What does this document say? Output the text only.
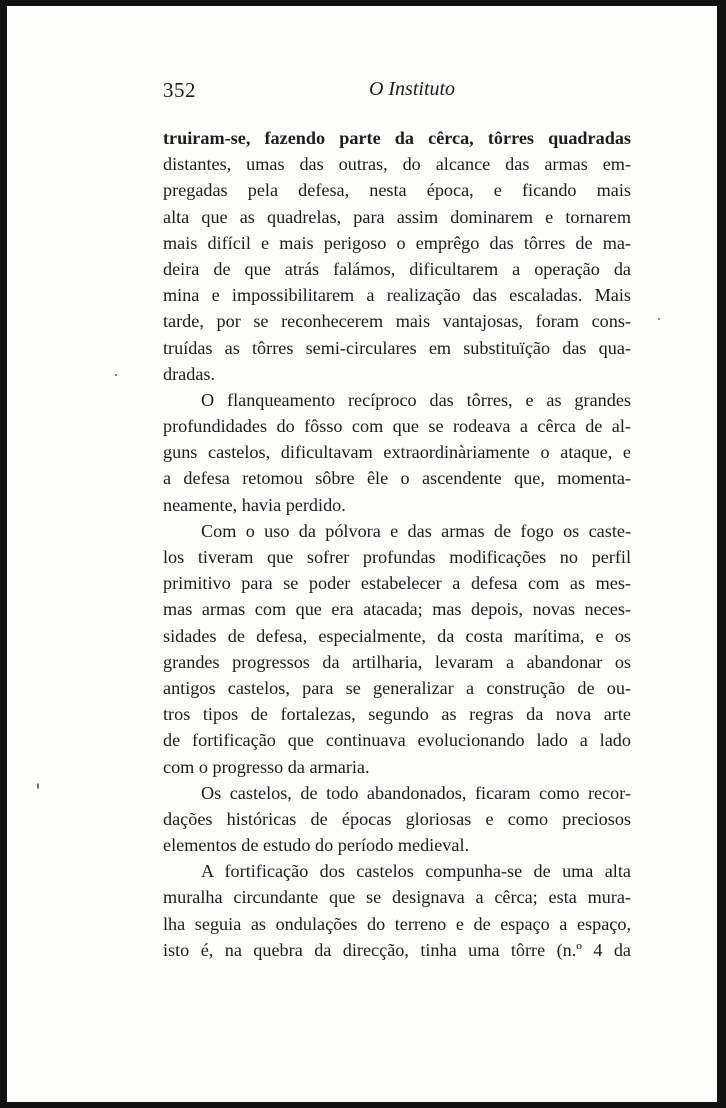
352	O Instituto
truiram-se, fazendo parte da cêrca, tôrres quadradas
distantes, umas das outras, do alcance das armas em-
pregadas pela defesa, nesta época, e ficando mais
alta que as quadrelas, para assim dominarem e tornarem
mais difícil e mais perigoso o emprêgo das tôrres de ma-
deira de que atrás falámos, dificultarem a operação da
mina e impossibilitarem a realização das escaladas. Mais
tarde, por se reconhecerem mais vantajosas, foram cons-
truídas as tôrres semi-circulares em substituïção das qua-
dradas.
O flanqueamento recíproco das tôrres, e as grandes
profundidades do fôsso com que se rodeava a cêrca de al-
guns castelos, dificultavam extraordinàriamente o ataque, e
a defesa retomou sôbre êle o ascendente que, momenta-
neamente, havia perdido.
Com o uso da pólvora e das armas de fogo os caste-
los tiveram que sofrer profundas modificações no perfil
primitivo para se poder estabelecer a defesa com as mes-
mas armas com que era atacada; mas depois, novas neces-
sidades de defesa, especialmente, da costa marítima, e os
grandes progressos da artilharia, levaram a abandonar os
antigos castelos, para se generalizar a construção de ou-
tros tipos de fortalezas, segundo as regras da nova arte
de fortificação que continuava evolucionando lado a lado
com o progresso da armaria.
Os castelos, de todo abandonados, ficaram como recor-
dações históricas de épocas gloriosas e como preciosos
elementos de estudo do período medieval.
A fortificação dos castelos compunha-se de uma alta
muralha circundante que se designava a cêrca; esta mura-
lha seguia as ondulações do terreno e de espaço a espaço,
isto é, na quebra da direcção, tinha uma tôrre (n.º 4 da
